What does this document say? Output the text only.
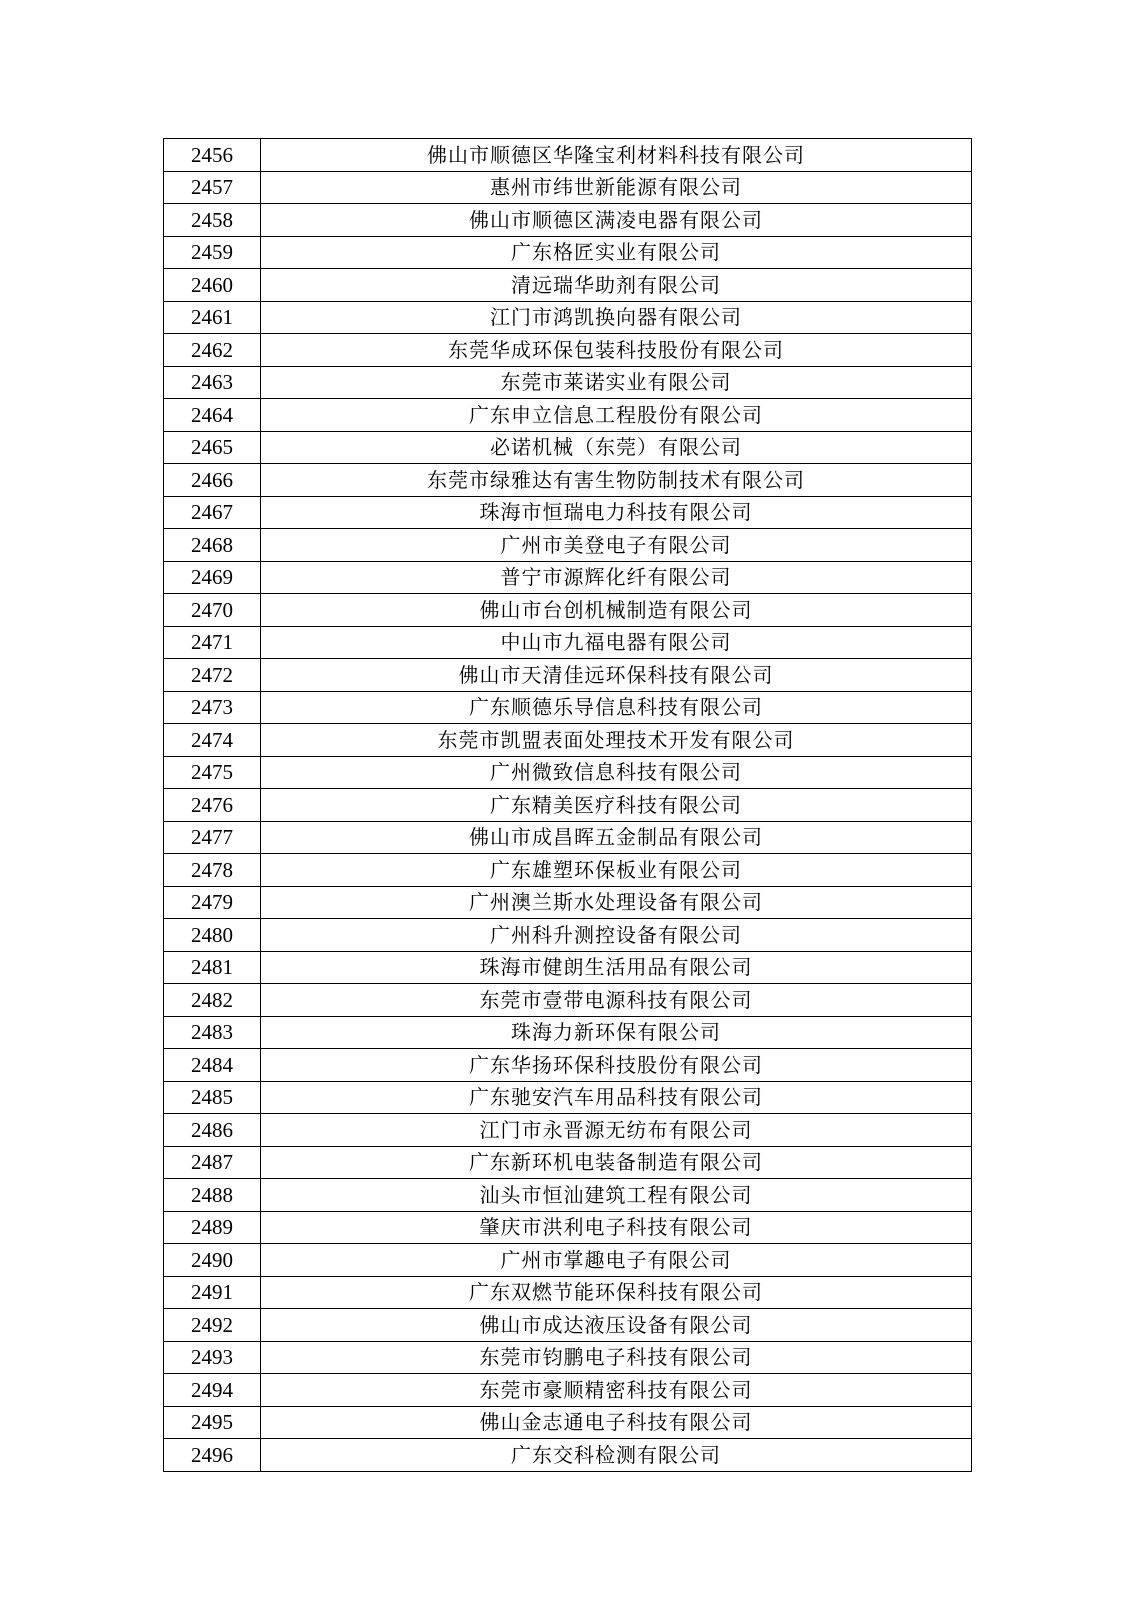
2456	佛山市顺德区华隆宝利材料科技有限公司
2457	惠州市纬世新能源有限公司
2458	佛山市顺德区满凌电器有限公司
2459	广东格匠实业有限公司
2460	清远瑞华助剂有限公司
2461	江门市鸿凯换向器有限公司
2462	东莞华成环保包装科技股份有限公司
2463	东莞市莱诺实业有限公司
2464	广东申立信息工程股份有限公司
2465	必诺机械（东莞）有限公司
2466	东莞市绿雅达有害生物防制技术有限公司
2467	珠海市恒瑞电力科技有限公司
2468	广州市美登电子有限公司
2469	普宁市源辉化纤有限公司
2470	佛山市台创机械制造有限公司
2471	中山市九福电器有限公司
2472	佛山市天清佳远环保科技有限公司
2473	广东顺德乐导信息科技有限公司
2474	东莞市凯盟表面处理技术开发有限公司
2475	广州微致信息科技有限公司
2476	广东精美医疗科技有限公司
2477	佛山市成昌晖五金制品有限公司
2478	广东雄塑环保板业有限公司
2479	广州澳兰斯水处理设备有限公司
2480	广州科升测控设备有限公司
2481	珠海市健朗生活用品有限公司
2482	东莞市壹带电源科技有限公司
2483	珠海力新环保有限公司
2484	广东华扬环保科技股份有限公司
2485	广东驰安汽车用品科技有限公司
2486	江门市永晋源无纺布有限公司
2487	广东新环机电装备制造有限公司
2488	汕头市恒汕建筑工程有限公司
2489	肇庆市洪利电子科技有限公司
2490	广州市掌趣电子有限公司
2491	广东双燃节能环保科技有限公司
2492	佛山市成达液压设备有限公司
2493	东莞市钧鹏电子科技有限公司
2494	东莞市豪顺精密科技有限公司
2495	佛山金志通电子科技有限公司
2496	广东交科检测有限公司
